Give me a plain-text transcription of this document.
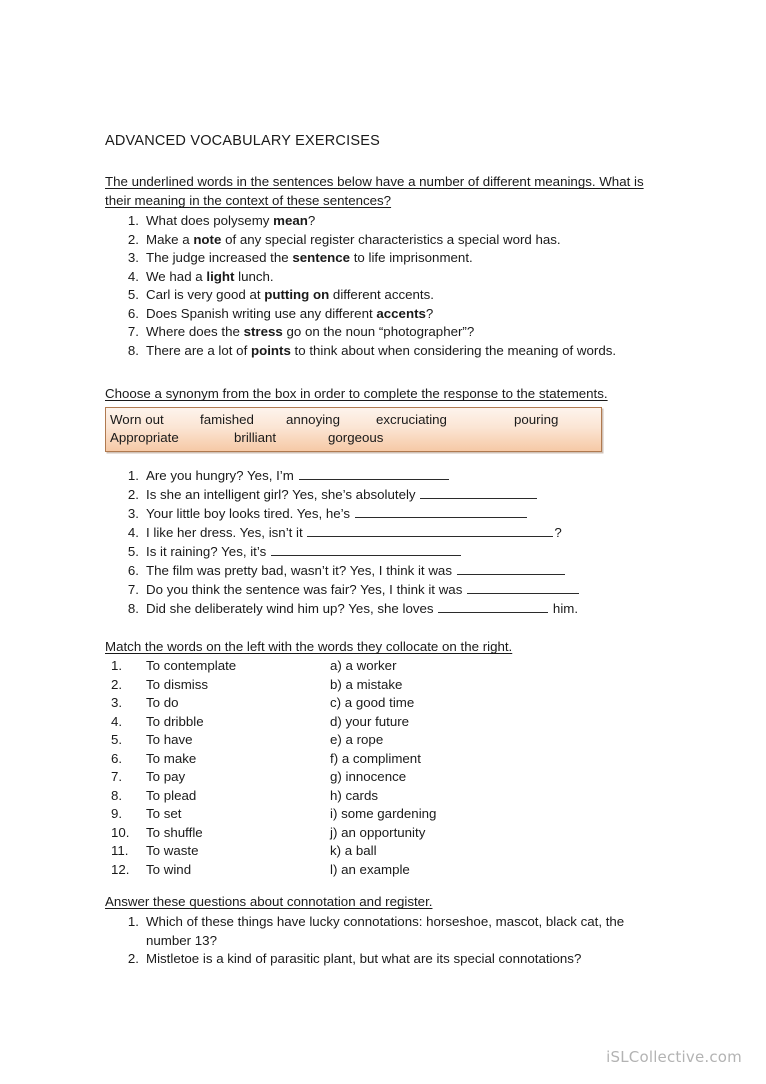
ADVANCED VOCABULARY EXERCISES
The underlined words in the sentences below have a number of different meanings. What is their meaning in the context of these sentences?
1. What does polysemy mean?
2. Make a note of any special register characteristics a special word has.
3. The judge increased the sentence to life imprisonment.
4. We had a light lunch.
5. Carl is very good at putting on different accents.
6. Does Spanish writing use any different accents?
7. Where does the stress go on the noun “photographer”?
8. There are a lot of points to think about when considering the meaning of words.
Choose a synonym from the box in order to complete the response to the statements.
Worn out	famished annoying	excruciating	pouring
Appropriate	brilliant	gorgeous
1. Are you hungry? Yes, I’m
2. Is she an intelligent girl? Yes, she’s absolutely
3. Your little boy looks tired. Yes, he’s
4. I like her dress. Yes, isn’t it	?
5. Is it raining? Yes, it’s
6. The film was pretty bad, wasn’t it? Yes, I think it was
7. Do you think the sentence was fair? Yes, I think it was
8. Did she deliberately wind him up? Yes, she loves	him.
Match the words on the left with the words they collocate on the right.
1.	To contemplate	a) a worker
2.	To dismiss	b) a mistake
3.	To do	c) a good time
4.	To dribble	d) your future
5.	To have	e) a rope
6.	To make	f) a compliment
7.	To pay	g) innocence
8.	To plead	h) cards
9.	To set	i) some gardening
10.	To shuffle	j) an opportunity
11.	To waste	k) a ball
12.	To wind	l) an example
Answer these questions about connotation and register.
1. Which of these things have lucky connotations: horseshoe, mascot, black cat, the number 13?
2. Mistletoe is a kind of parasitic plant, but what are its special connotations?
iSLCollective.com
